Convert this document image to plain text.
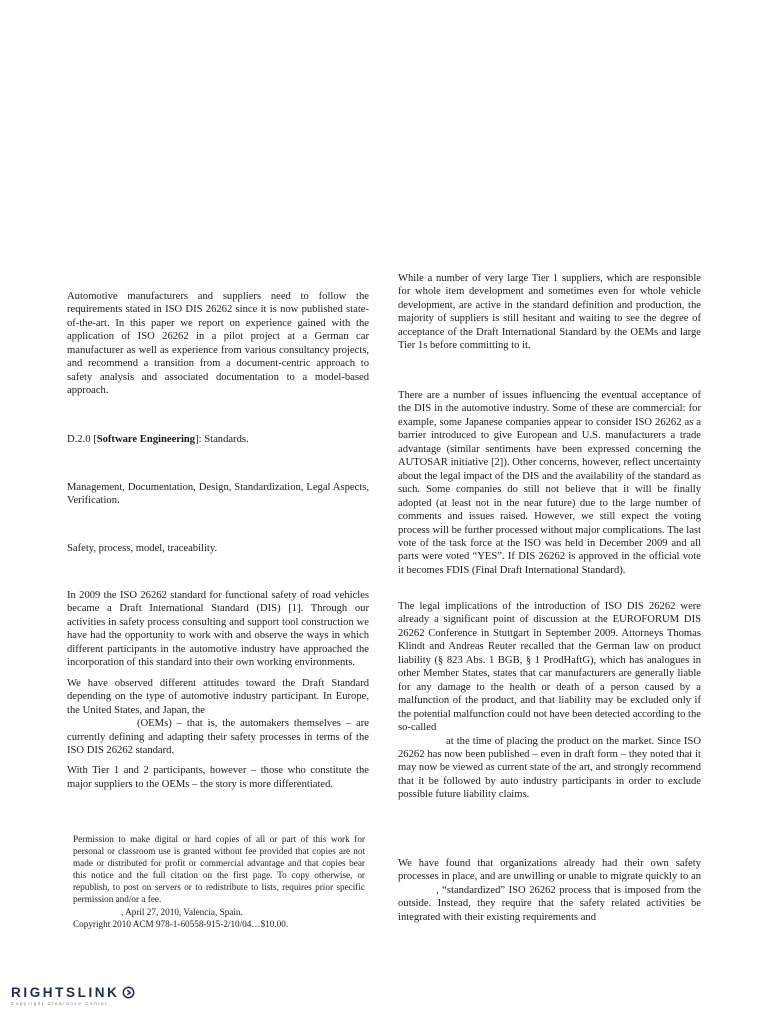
Automotive manufacturers and suppliers need to follow the requirements stated in ISO DIS 26262 since it is now published state-of-the-art. In this paper we report on experience gained with the application of ISO 26262 in a pilot project at a German car manufacturer as well as experience from various consultancy projects, and recommend a transition from a document-centric approach to safety analysis and associated documentation to a model-based approach.

D.2.0 [Software Engineering]: Standards.

Management, Documentation, Design, Standardization, Legal Aspects, Verification.

Safety, process, model, traceability.

In 2009 the ISO 26262 standard for functional safety of road vehicles became a Draft International Standard (DIS) [1]. Through our activities in safety process consulting and support tool construction we have had the opportunity to work with and observe the ways in which different participants in the automotive industry have approached the incorporation of this standard into their own working environments.

We have observed different attitudes toward the Draft Standard depending on the type of automotive industry participant. In Europe, the United States, and Japan, the
(OEMs) – that is, the automakers themselves – are currently defining and adapting their safety processes in terms of the ISO DIS 26262 standard.

With Tier 1 and 2 participants, however – those who constitute the major suppliers to the OEMs – the story is more differentiated.

Permission to make digital or hard copies of all or part of this work for personal or classroom use is granted without fee provided that copies are not made or distributed for profit or commercial advantage and that copies bear this notice and the full citation on the first page. To copy otherwise, or republish, to post on servers or to redistribute to lists, requires prior specific permission and/or a fee.

, April 27, 2010, Valencia, Spain.

Copyright 2010 ACM 978-1-60558-915-2/10/04…$10.00.

While a number of very large Tier 1 suppliers, which are responsible for whole item development and sometimes even for whole vehicle development, are active in the standard definition and production, the majority of suppliers is still hesitant and waiting to see the degree of acceptance of the Draft International Standard by the OEMs and large Tier 1s before committing to it.

There are a number of issues influencing the eventual acceptance of the DIS in the automotive industry. Some of these are commercial: for example, some Japanese companies appear to consider ISO 26262 as a barrier introduced to give European and U.S. manufacturers a trade advantage (similar sentiments have been expressed concerning the AUTOSAR initiative [2]). Other concerns, however, reflect uncertainty about the legal impact of the DIS and the availability of the standard as such. Some companies do still not believe that it will be finally adopted (at least not in the near future) due to the large number of comments and issues raised. However, we still expect the voting process will be further processed without major complications. The last vote of the task force at the ISO was held in December 2009 and all parts were voted “YES”. If DIS 26262 is approved in the official vote it becomes FDIS (Final Draft International Standard).

The legal implications of the introduction of ISO DIS 26262 were already a significant point of discussion at the EUROFORUM DIS 26262 Conference in Stuttgart in September 2009. Attorneys Thomas Klindt and Andreas Reuter recalled that the German law on product liability (§ 823 Abs. 1 BGB, § 1 ProdHaftG), which has analogues in other Member States, states that car manufacturers are generally liable for any damage to the health or death of a person caused by a malfunction of the product, and that liability may be excluded only if the potential malfunction could not have been detected according to the so-called
at the time of placing the product on the market. Since ISO 26262 has now been published – even in draft form – they noted that it may now be viewed as current state of the art, and strongly recommend that it be followed by auto industry participants in order to exclude possible future liability claims.

We have found that organizations already had their own safety processes in place, and are unwilling or unable to migrate quickly to an, “standardized” ISO 26262 process that is imposed from the outside. Instead, they require that the safety related activities be integrated with their existing requirements and

RIGHTSLINK
Copyright Clearance Center
